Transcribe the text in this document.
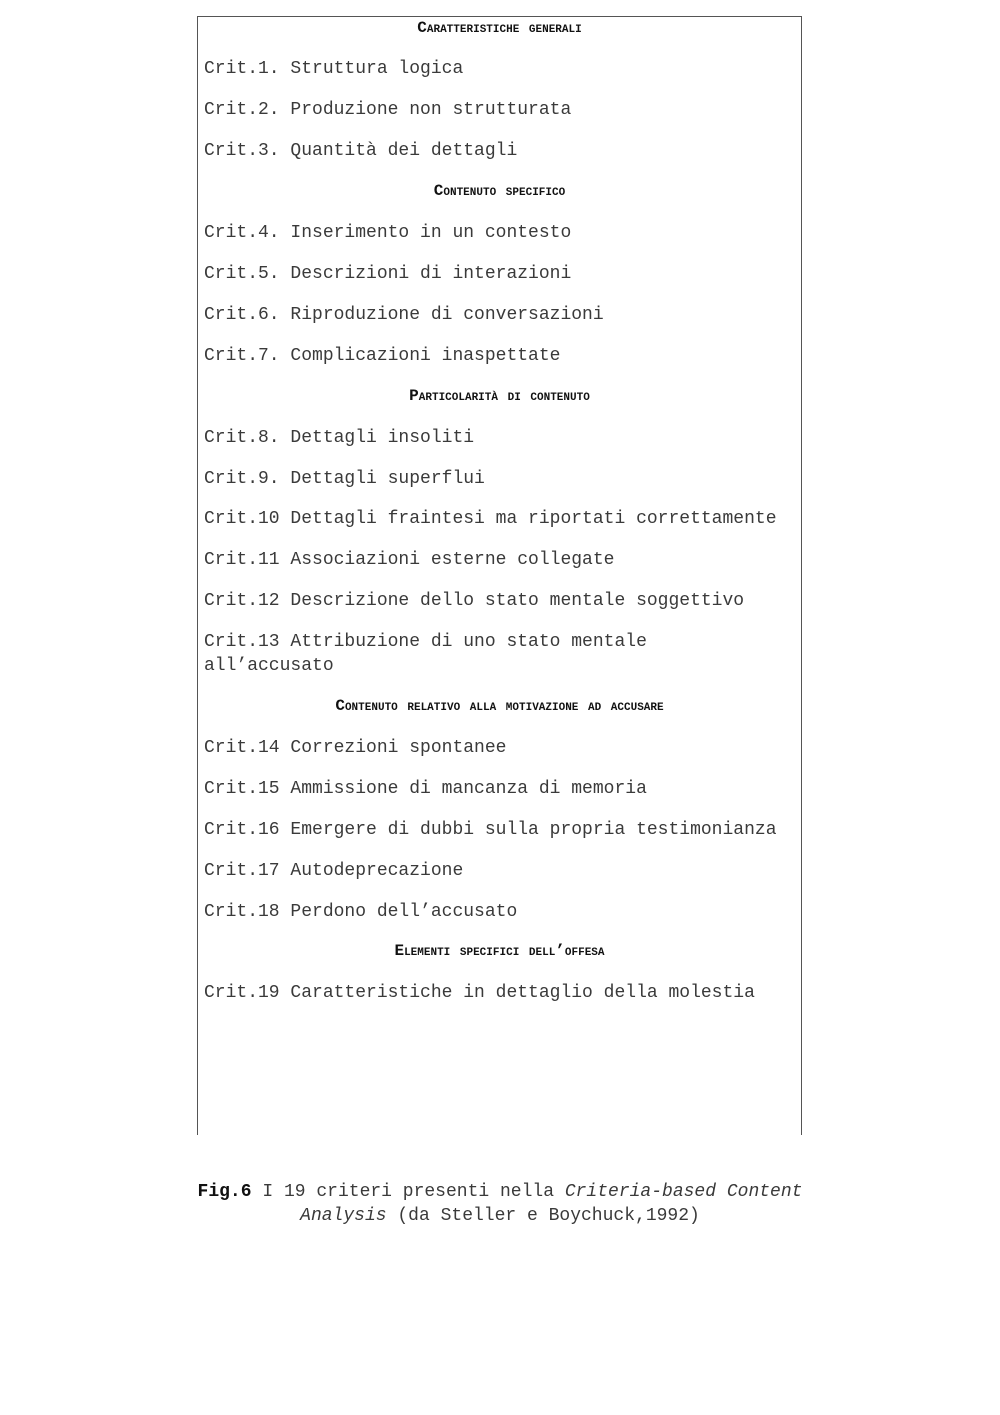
Caratteristiche generali
Crit.1. Struttura logica
Crit.2. Produzione non strutturata
Crit.3. Quantità dei dettagli
Contenuto specifico
Crit.4. Inserimento in un contesto
Crit.5. Descrizioni di interazioni
Crit.6. Riproduzione di conversazioni
Crit.7. Complicazioni inaspettate
Particolarità di contenuto
Crit.8. Dettagli insoliti
Crit.9. Dettagli superflui
Crit.10 Dettagli fraintesi ma riportati correttamente
Crit.11 Associazioni esterne collegate
Crit.12 Descrizione dello stato mentale soggettivo
Crit.13 Attribuzione di uno stato mentale all’accusato
Contenuto relativo alla motivazione ad accusare
Crit.14 Correzioni spontanee
Crit.15 Ammissione di mancanza di memoria
Crit.16 Emergere di dubbi sulla propria testimonianza
Crit.17 Autodeprecazione
Crit.18 Perdono dell’accusato
Elementi specifici dell’offesa
Crit.19 Caratteristiche in dettaglio della molestia
Fig.6 I 19 criteri presenti nella Criteria-based Content Analysis (da Steller e Boychuck,1992)
